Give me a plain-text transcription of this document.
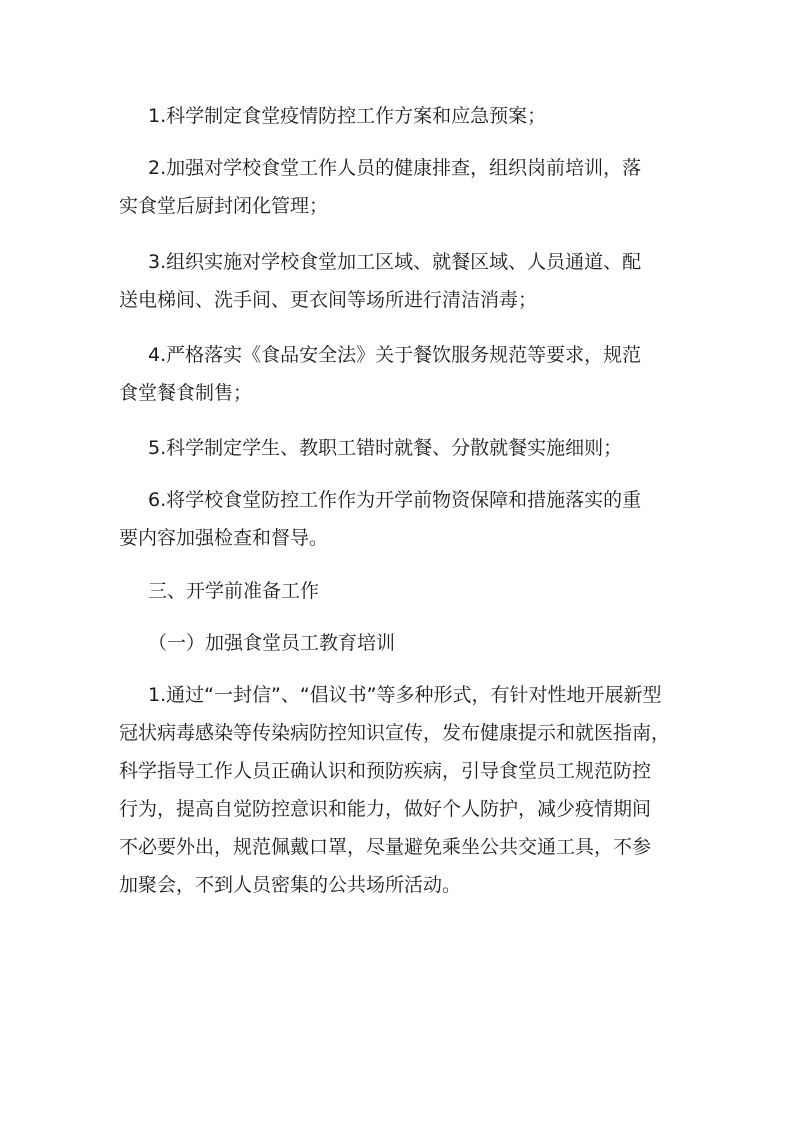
1.科学制定食堂疫情防控工作方案和应急预案；

2.加强对学校食堂工作人员的健康排查，组织岗前培训，落
实食堂后厨封闭化管理；

3.组织实施对学校食堂加工区域、就餐区域、人员通道、配
送电梯间、洗手间、更衣间等场所进行清洁消毒；

4.严格落实《食品安全法》关于餐饮服务规范等要求，规范
食堂餐食制售；

5.科学制定学生、教职工错时就餐、分散就餐实施细则；

6.将学校食堂防控工作作为开学前物资保障和措施落实的重
要内容加强检查和督导。

三、开学前准备工作

（一）加强食堂员工教育培训

1.通过“一封信”、“倡议书”等多种形式，有针对性地开展新型
冠状病毒感染等传染病防控知识宣传，发布健康提示和就医指南，
科学指导工作人员正确认识和预防疾病，引导食堂员工规范防控
行为，提高自觉防控意识和能力，做好个人防护，减少疫情期间
不必要外出，规范佩戴口罩，尽量避免乘坐公共交通工具，不参
加聚会，不到人员密集的公共场所活动。
